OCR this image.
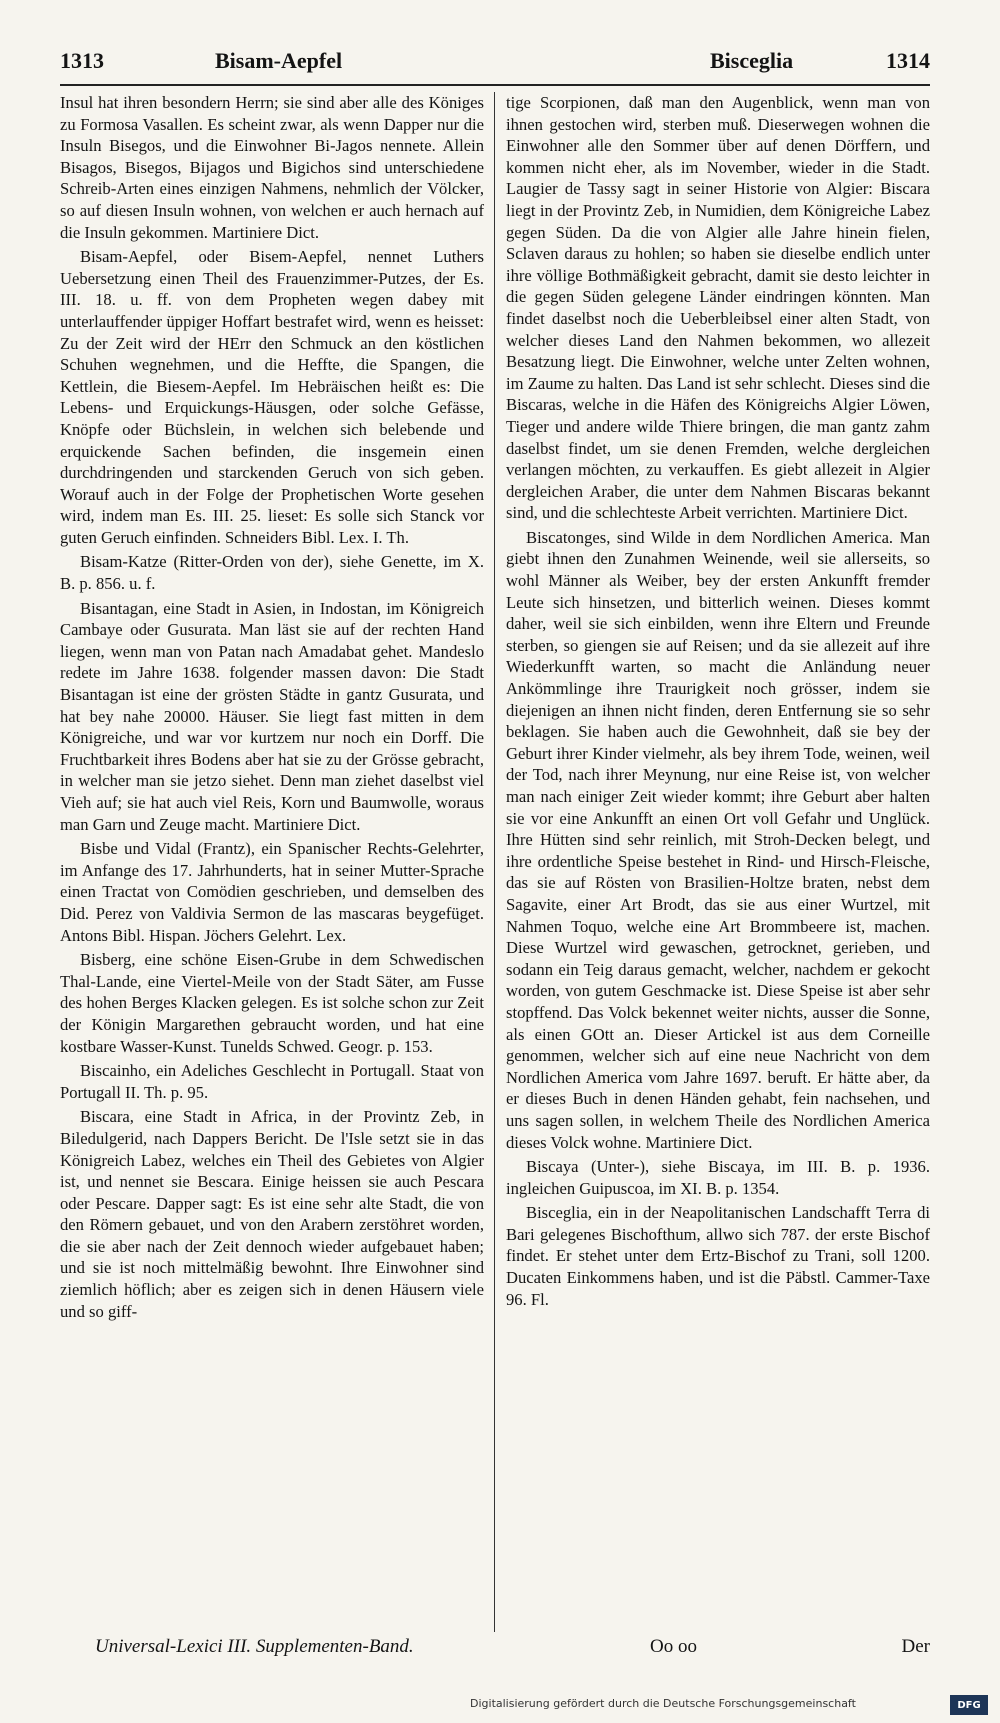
1313	Bisam-Aepfel	Bisceglia	1314

Insul hat ihren besondern Herrn; sie sind aber alle des Königes zu Formosa Vasallen. Es scheint zwar, als wenn Dapper nur die Insuln Bisegos, und die Einwohner Bi-Jagos nennete. Allein Bisagos, Bisegos, Bijagos und Bigichos sind unterschiedene Schreib-Arten eines einzigen Nahmens, nehmlich der Völcker, so auf diesen Insuln wohnen, von welchen er auch hernach auf die Insuln gekommen. Martiniere Dict.

Bisam-Aepfel, oder Bisem-Aepfel, nennet Luthers Uebersetzung einen Theil des Frauenzimmer-Putzes, der Es. III. 18. u. ff. von dem Propheten wegen dabey mit unterlauffender üppiger Hoffart bestrafet wird, wenn es heisset: Zu der Zeit wird der HErr den Schmuck an den köstlichen Schuhen wegnehmen, und die Heffte, die Spangen, die Kettlein, die Biesem-Aepfel. Im Hebräischen heißt es: Die Lebens- und Erquickungs-Häusgen, oder solche Gefässe, Knöpfe oder Büchslein, in welchen sich belebende und erquickende Sachen befinden, die insgemein einen durchdringenden und starckenden Geruch von sich geben. Worauf auch in der Folge der Prophetischen Worte gesehen wird, indem man Es. III. 25. lieset: Es solle sich Stanck vor guten Geruch einfinden. Schneiders Bibl. Lex. I. Th.

Bisam-Katze (Ritter-Orden von der), siehe Genette, im X. B. p. 856. u. f.

Bisantagan, eine Stadt in Asien, in Indostan, im Königreich Cambaye oder Gusurata. Man läst sie auf der rechten Hand liegen, wenn man von Patan nach Amadabat gehet. Mandeslo redete im Jahre 1638. folgender massen davon: Die Stadt Bisantagan ist eine der grösten Städte in gantz Gusurata, und hat bey nahe 20000. Häuser. Sie liegt fast mitten in dem Königreiche, und war vor kurtzem nur noch ein Dorff. Die Fruchtbarkeit ihres Bodens aber hat sie zu der Grösse gebracht, in welcher man sie jetzo siehet. Denn man ziehet daselbst viel Vieh auf; sie hat auch viel Reis, Korn und Baumwolle, woraus man Garn und Zeuge macht. Martiniere Dict.

Bisbe und Vidal (Frantz), ein Spanischer Rechts-Gelehrter, im Anfange des 17. Jahrhunderts, hat in seiner Mutter-Sprache einen Tractat von Comödien geschrieben, und demselben des Did. Perez von Valdivia Sermon de las mascaras beygefüget. Antons Bibl. Hispan. Jöchers Gelehrt. Lex.

Bisberg, eine schöne Eisen-Grube in dem Schwedischen Thal-Lande, eine Viertel-Meile von der Stadt Säter, am Fusse des hohen Berges Klacken gelegen. Es ist solche schon zur Zeit der Königin Margarethen gebraucht worden, und hat eine kostbare Wasser-Kunst. Tunelds Schwed. Geogr. p. 153.

Biscainho, ein Adeliches Geschlecht in Portugall. Staat von Portugall II. Th. p. 95.

Biscara, eine Stadt in Africa, in der Provintz Zeb, in Biledulgerid, nach Dappers Bericht. De l'Isle setzt sie in das Königreich Labez, welches ein Theil des Gebietes von Algier ist, und nennet sie Bescara. Einige heissen sie auch Pescara oder Pescare. Dapper sagt: Es ist eine sehr alte Stadt, die von den Römern gebauet, und von den Arabern zerstöhret worden, die sie aber nach der Zeit dennoch wieder aufgebauet haben; und sie ist noch mittelmäßig bewohnt. Ihre Einwohner sind ziemlich höflich; aber es zeigen sich in denen Häusern viele und so giff-

tige Scorpionen, daß man den Augenblick, wenn man von ihnen gestochen wird, sterben muß. Dieserwegen wohnen die Einwohner alle den Sommer über auf denen Dörffern, und kommen nicht eher, als im November, wieder in die Stadt. Laugier de Tassy sagt in seiner Historie von Algier: Biscara liegt in der Provintz Zeb, in Numidien, dem Königreiche Labez gegen Süden. Da die von Algier alle Jahre hinein fielen, Sclaven daraus zu hohlen; so haben sie dieselbe endlich unter ihre völlige Bothmäßigkeit gebracht, damit sie desto leichter in die gegen Süden gelegene Länder eindringen könnten. Man findet daselbst noch die Ueberbleibsel einer alten Stadt, von welcher dieses Land den Nahmen bekommen, wo allezeit Besatzung liegt. Die Einwohner, welche unter Zelten wohnen, im Zaume zu halten. Das Land ist sehr schlecht. Dieses sind die Biscaras, welche in die Häfen des Königreichs Algier Löwen, Tieger und andere wilde Thiere bringen, die man gantz zahm daselbst findet, um sie denen Fremden, welche dergleichen verlangen möchten, zu verkauffen. Es giebt allezeit in Algier dergleichen Araber, die unter dem Nahmen Biscaras bekannt sind, und die schlechteste Arbeit verrichten. Martiniere Dict.

Biscatonges, sind Wilde in dem Nordlichen America. Man giebt ihnen den Zunahmen Weinende, weil sie allerseits, so wohl Männer als Weiber, bey der ersten Ankunfft fremder Leute sich hinsetzen, und bitterlich weinen. Dieses kommt daher, weil sie sich einbilden, wenn ihre Eltern und Freunde sterben, so giengen sie auf Reisen; und da sie allezeit auf ihre Wiederkunfft warten, so macht die Anländung neuer Ankömmlinge ihre Traurigkeit noch grösser, indem sie diejenigen an ihnen nicht finden, deren Entfernung sie so sehr beklagen. Sie haben auch die Gewohnheit, daß sie bey der Geburt ihrer Kinder vielmehr, als bey ihrem Tode, weinen, weil der Tod, nach ihrer Meynung, nur eine Reise ist, von welcher man nach einiger Zeit wieder kommt; ihre Geburt aber halten sie vor eine Ankunfft an einen Ort voll Gefahr und Unglück. Ihre Hütten sind sehr reinlich, mit Stroh-Decken belegt, und ihre ordentliche Speise bestehet in Rind- und Hirsch-Fleische, das sie auf Rösten von Brasilien-Holtze braten, nebst dem Sagavite, einer Art Brodt, das sie aus einer Wurtzel, mit Nahmen Toquo, welche eine Art Brommbeere ist, machen. Diese Wurtzel wird gewaschen, getrocknet, gerieben, und sodann ein Teig daraus gemacht, welcher, nachdem er gekocht worden, von gutem Geschmacke ist. Diese Speise ist aber sehr stopffend. Das Volck bekennet weiter nichts, ausser die Sonne, als einen GOtt an. Dieser Artickel ist aus dem Corneille genommen, welcher sich auf eine neue Nachricht von dem Nordlichen America vom Jahre 1697. beruft. Er hätte aber, da er dieses Buch in denen Händen gehabt, fein nachsehen, und uns sagen sollen, in welchem Theile des Nordlichen America dieses Volck wohne. Martiniere Dict.

Biscaya (Unter-), siehe Biscaya, im III. B. p. 1936. ingleichen Guipuscoa, im XI. B. p. 1354.

Bisceglia, ein in der Neapolitanischen Landschafft Terra di Bari gelegenes Bischofthum, allwo sich 787. der erste Bischof findet. Er stehet unter dem Ertz-Bischof zu Trani, soll 1200. Ducaten Einkommens haben, und ist die Päbstl. Cammer-Taxe 96. Fl.

Universal-Lexici III. Supplementen-Band.	Oo oo	Der
Digitalisierung gefördert durch die Deutsche Forschungsgemeinschaft	DFG
